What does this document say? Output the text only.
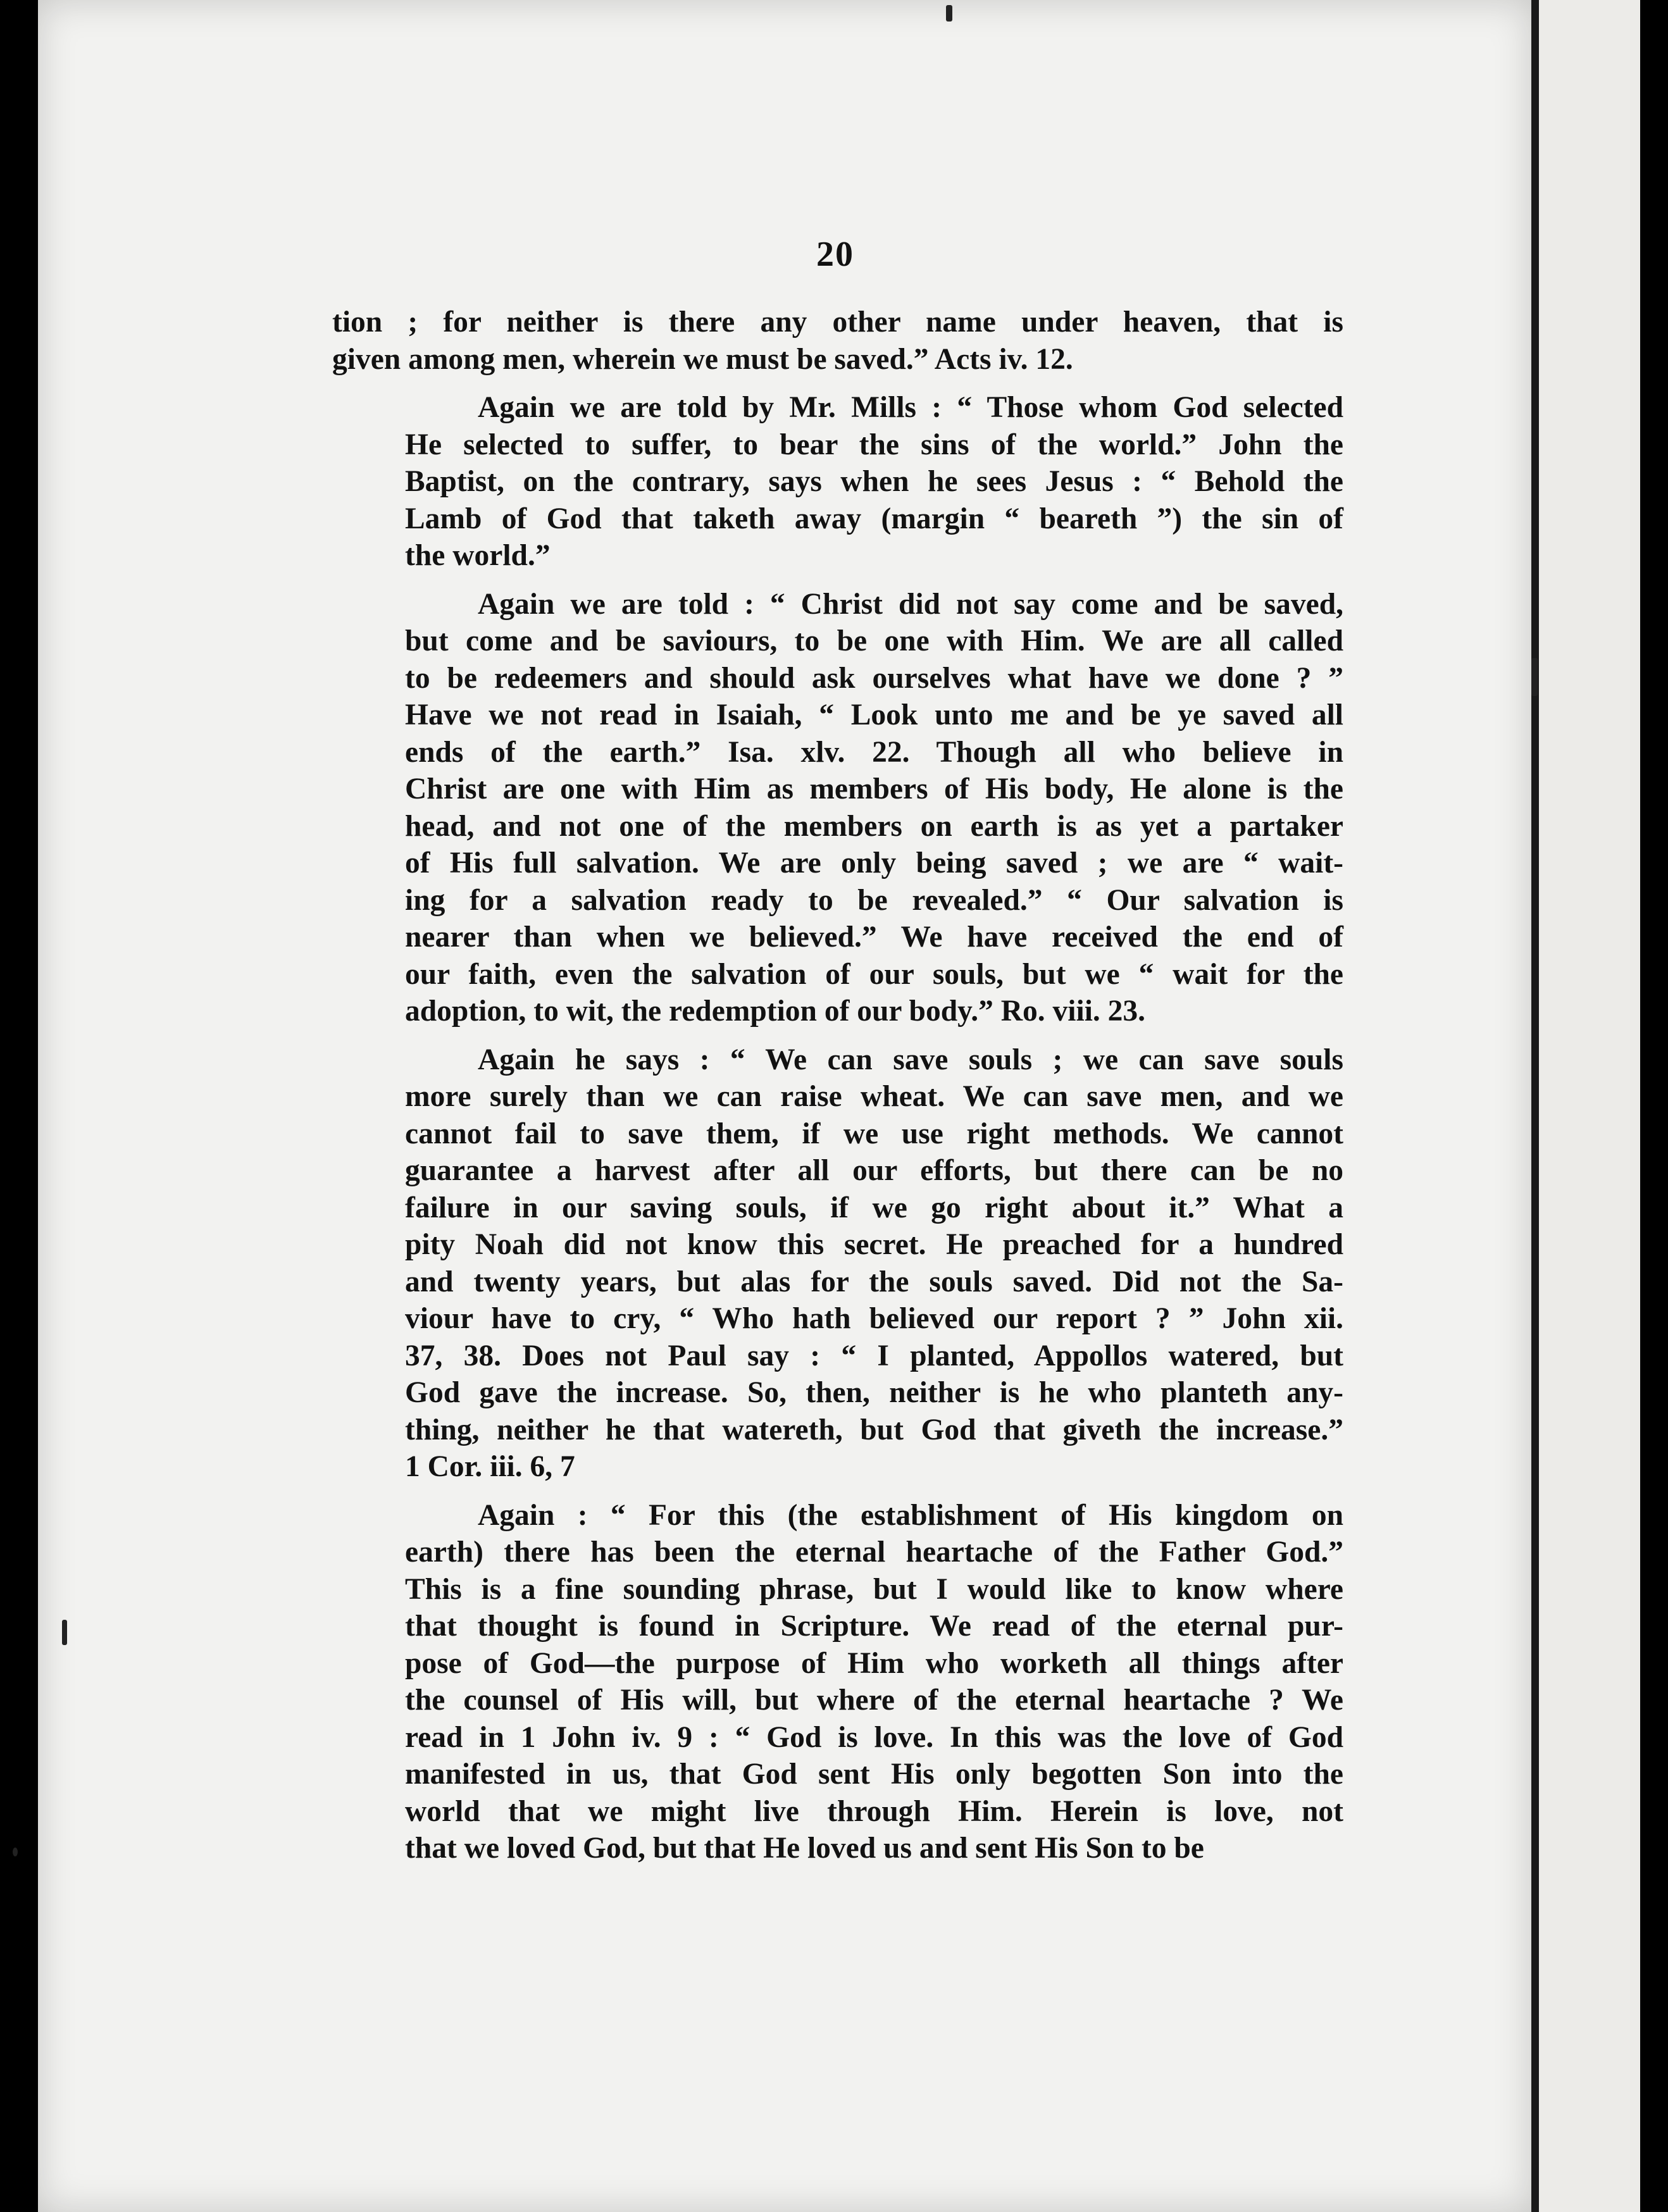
20
tion ; for neither is there any other name under heaven, that is
given among men, wherein we must be saved.” Acts iv. 12.
Again we are told by Mr. Mills : “ Those whom God selected
He selected to suffer, to bear the sins of the world.” John the
Baptist, on the contrary, says when he sees Jesus : “ Behold the
Lamb of God that taketh away (margin “ beareth ”) the sin of
the world.”
Again we are told : “ Christ did not say come and be saved,
but come and be saviours, to be one with Him. We are all called
to be redeemers and should ask ourselves what have we done ? ”
Have we not read in Isaiah, “ Look unto me and be ye saved all
ends of the earth.” Isa. xlv. 22. Though all who believe in
Christ are one with Him as members of His body, He alone is the
head, and not one of the members on earth is as yet a partaker
of His full salvation. We are only being saved ; we are “ wait-
ing for a salvation ready to be revealed.” “ Our salvation is
nearer than when we believed.” We have received the end of
our faith, even the salvation of our souls, but we “ wait for the
adoption, to wit, the redemption of our body.” Ro. viii. 23.
Again he says : “ We can save souls ; we can save souls
more surely than we can raise wheat. We can save men, and we
cannot fail to save them, if we use right methods. We cannot
guarantee a harvest after all our efforts, but there can be no
failure in our saving souls, if we go right about it.” What a
pity Noah did not know this secret. He preached for a hundred
and twenty years, but alas for the souls saved. Did not the Sa-
viour have to cry, “ Who hath believed our report ? ” John xii.
37, 38. Does not Paul say : “ I planted, Appollos watered, but
God gave the increase. So, then, neither is he who planteth any-
thing, neither he that watereth, but God that giveth the increase.”
1 Cor. iii. 6, 7
Again : “ For this (the establishment of His kingdom on
earth) there has been the eternal heartache of the Father God.”
This is a fine sounding phrase, but I would like to know where
that thought is found in Scripture. We read of the eternal pur-
pose of God—the purpose of Him who worketh all things after
the counsel of His will, but where of the eternal heartache ? We
read in 1 John iv. 9 : “ God is love. In this was the love of God
manifested in us, that God sent His only begotten Son into the
world that we might live through Him. Herein is love, not
that we loved God, but that He loved us and sent His Son to be
